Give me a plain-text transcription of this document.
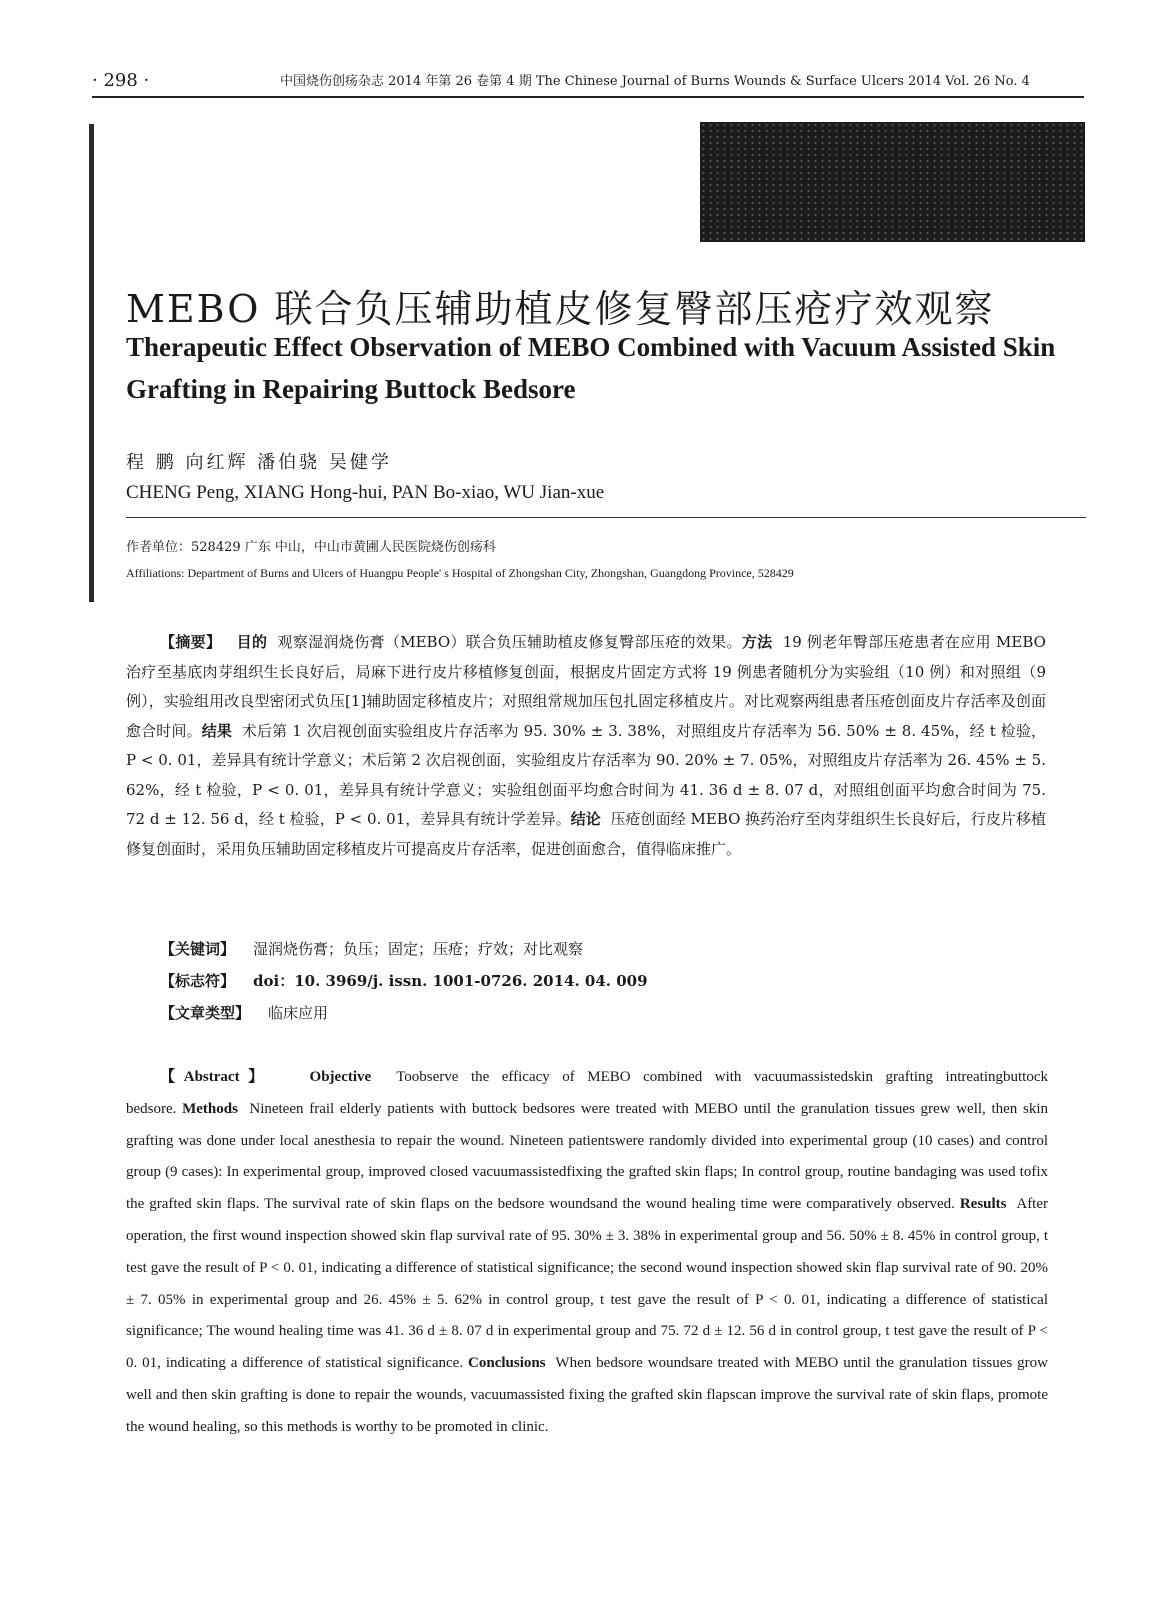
· 298 ·	中国烧伤创疡杂志 2014 年第 26 卷第 4 期 The Chinese Journal of Burns Wounds & Surface Ulcers 2014 Vol. 26 No. 4
MEBO 联合负压辅助植皮修复臀部压疮疗效观察
Therapeutic Effect Observation of MEBO Combined with Vacuum Assisted Skin Grafting in Repairing Buttock Bedsore
程 鹏 向红辉 潘伯骁 吴健学
CHENG Peng, XIANG Hong-hui, PAN Bo-xiao, WU Jian-xue
作者单位：528429 广东 中山，中山市黄圃人民医院烧伤创疡科
Affiliations: Department of Burns and Ulcers of Huangpu People' s Hospital of Zhongshan City, Zhongshan, Guangdong Province, 528429
【摘要】 目的 观察湿润烧伤膏（MEBO）联合负压辅助植皮修复臀部压疮的效果。方法 19 例老年臀部压疮患者在应用 MEBO 治疗至基底肉芽组织生长良好后，局麻下进行皮片移植修复创面，根据皮片固定方式将 19 例患者随机分为实验组（10 例）和对照组（9 例），实验组用改良型密闭式负压[1]辅助固定移植皮片；对照组常规加压包扎固定移植皮片。对比观察两组患者压疮创面皮片存活率及创面愈合时间。结果 术后第 1 次启视创面实验组皮片存活率为 95. 30% ± 3. 38%，对照组皮片存活率为 56. 50% ± 8. 45%，经 t 检验，P < 0. 01，差异具有统计学意义；术后第 2 次启视创面，实验组皮片存活率为 90. 20% ± 7. 05%，对照组皮片存活率为 26. 45% ± 5. 62%，经 t 检验，P < 0. 01，差异具有统计学意义；实验组创面平均愈合时间为 41. 36 d ± 8. 07 d，对照组创面平均愈合时间为 75. 72 d ± 12. 56 d，经 t 检验，P < 0. 01，差异具有统计学差异。结论 压疮创面经 MEBO 换药治疗至肉芽组织生长良好后，行皮片移植修复创面时，采用负压辅助固定移植皮片可提高皮片存活率，促进创面愈合，值得临床推广。
【关键词】 湿润烧伤膏；负压；固定；压疮；疗效；对比观察
【标志符】 doi：10. 3969/j. issn. 1001-0726. 2014. 04. 009
【文章类型】 临床应用
【Abstract】 Objective Toobserve the efficacy of MEBO combined with vacuumassistedskin grafting intreatingbuttock bedsore. Methods Nineteen frail elderly patients with buttock bedsores were treated with MEBO until the granulation tissues grew well, then skin grafting was done under local anesthesia to repair the wound. Nineteen patientswere randomly divided into experimental group (10 cases) and control group (9 cases): In experimental group, improved closed vacuumassistedfixing the grafted skin flaps; In control group, routine bandaging was used tofix the grafted skin flaps. The survival rate of skin flaps on the bedsore woundsand the wound healing time were comparatively observed. Results After operation, the first wound inspection showed skin flap survival rate of 95. 30% ± 3. 38% in experimental group and 56. 50% ± 8. 45% in control group, t test gave the result of P < 0. 01, indicating a difference of statistical significance; the second wound inspection showed skin flap survival rate of 90. 20% ± 7. 05% in experimental group and 26. 45% ± 5. 62% in control group, t test gave the result of P < 0. 01, indicating a difference of statistical significance; The wound healing time was 41. 36 d ± 8. 07 d in experimental group and 75. 72 d ± 12. 56 d in control group, t test gave the result of P < 0. 01, indicating a difference of statistical significance. Conclusions When bedsore woundsare treated with MEBO until the granulation tissues grow well and then skin grafting is done to repair the wounds, vacuumassisted fixing the grafted skin flapscan improve the survival rate of skin flaps, promote the wound healing, so this methods is worthy to be promoted in clinic.
